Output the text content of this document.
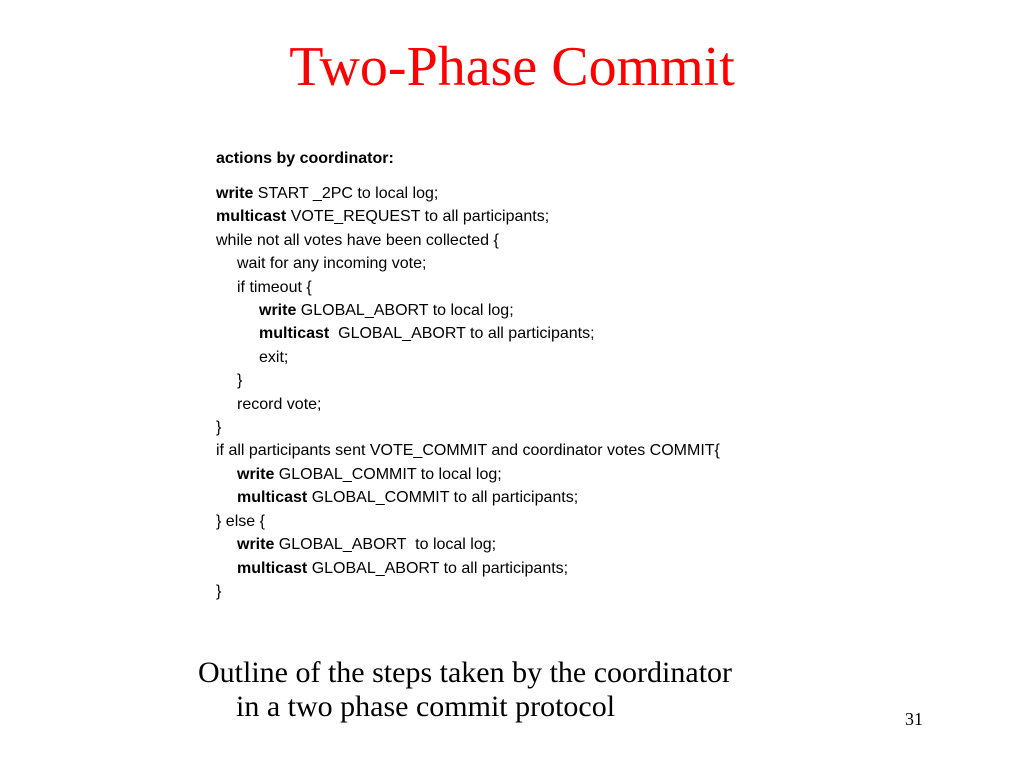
Two-Phase Commit
actions by coordinator:
write START _2PC to local log;
multicast VOTE_REQUEST to all participants;
while not all votes have been collected {
wait for any incoming vote;
if timeout {
write GLOBAL_ABORT to local log;
multicast  GLOBAL_ABORT to all participants;
exit;
}
record vote;
}
if all participants sent VOTE_COMMIT and coordinator votes COMMIT{
write GLOBAL_COMMIT to local log;
multicast GLOBAL_COMMIT to all participants;
} else {
write GLOBAL_ABORT  to local log;
multicast GLOBAL_ABORT to all participants;
}
Outline of the steps taken by the coordinator
in a two phase commit protocol	31
